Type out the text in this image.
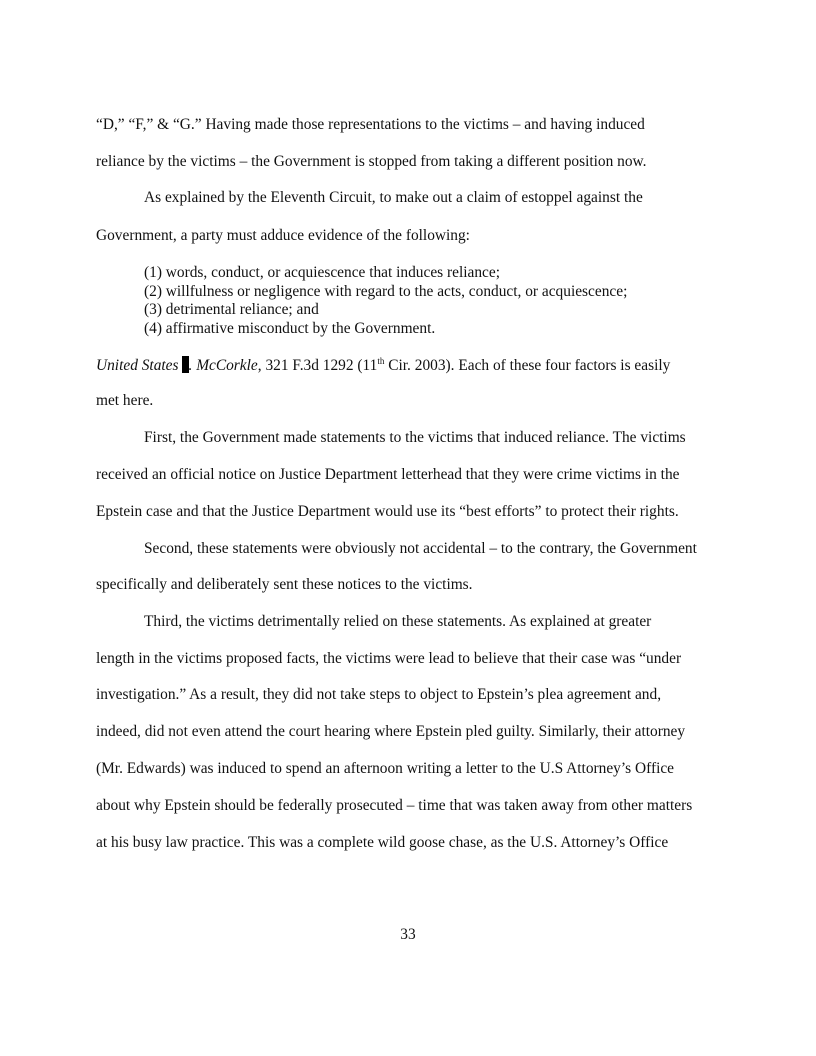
“D,” “F,” & “G.” Having made those representations to the victims – and having induced
reliance by the victims – the Government is stopped from taking a different position now.
As explained by the Eleventh Circuit, to make out a claim of estoppel against the
Government, a party must adduce evidence of the following:
(1) words, conduct, or acquiescence that induces reliance;
(2) willfulness or negligence with regard to the acts, conduct, or acquiescence;
(3) detrimental reliance; and
(4) affirmative misconduct by the Government.
United States . McCorkle, 321 F.3d 1292 (11th Cir. 2003). Each of these four factors is easily
met here.
First, the Government made statements to the victims that induced reliance. The victims
received an official notice on Justice Department letterhead that they were crime victims in the
Epstein case and that the Justice Department would use its “best efforts” to protect their rights.
Second, these statements were obviously not accidental – to the contrary, the Government
specifically and deliberately sent these notices to the victims.
Third, the victims detrimentally relied on these statements. As explained at greater
length in the victims proposed facts, the victims were lead to believe that their case was “under
investigation.” As a result, they did not take steps to object to Epstein’s plea agreement and,
indeed, did not even attend the court hearing where Epstein pled guilty. Similarly, their attorney
(Mr. Edwards) was induced to spend an afternoon writing a letter to the U.S Attorney’s Office
about why Epstein should be federally prosecuted – time that was taken away from other matters
at his busy law practice. This was a complete wild goose chase, as the U.S. Attorney’s Office
33
